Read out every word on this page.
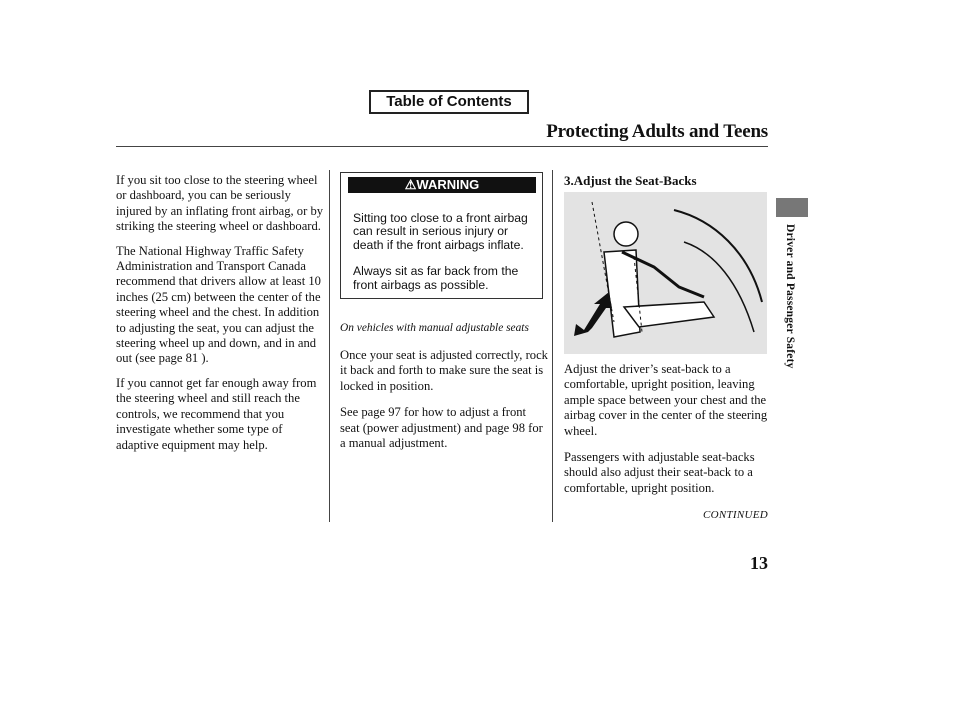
Table of Contents
Protecting Adults and Teens

If you sit too close to the steering wheel or dashboard, you can be seriously injured by an inflating front airbag, or by striking the steering wheel or dashboard.

The National Highway Traffic Safety Administration and Transport Canada recommend that drivers allow at least 10 inches (25 cm) between the center of the steering wheel and the chest. In addition to adjusting the seat, you can adjust the steering wheel up and down, and in and out (see page 81 ).

If you cannot get far enough away from the steering wheel and still reach the controls, we recommend that you investigate whether some type of adaptive equipment may help.

⚠WARNING

Sitting too close to a front airbag can result in serious injury or death if the front airbags inflate.

Always sit as far back from the front airbags as possible.

On vehicles with manual adjustable seats

Once your seat is adjusted correctly, rock it back and forth to make sure the seat is locked in position.

See page 97 for how to adjust a front seat (power adjustment) and page 98 for a manual adjustment.

3.Adjust the Seat-Backs

Adjust the driver’s seat-back to a comfortable, upright position, leaving ample space between your chest and the airbag cover in the center of the steering wheel.

Passengers with adjustable seat-backs should also adjust their seat-back to a comfortable, upright position.

CONTINUED
13
Driver and Passenger Safety
